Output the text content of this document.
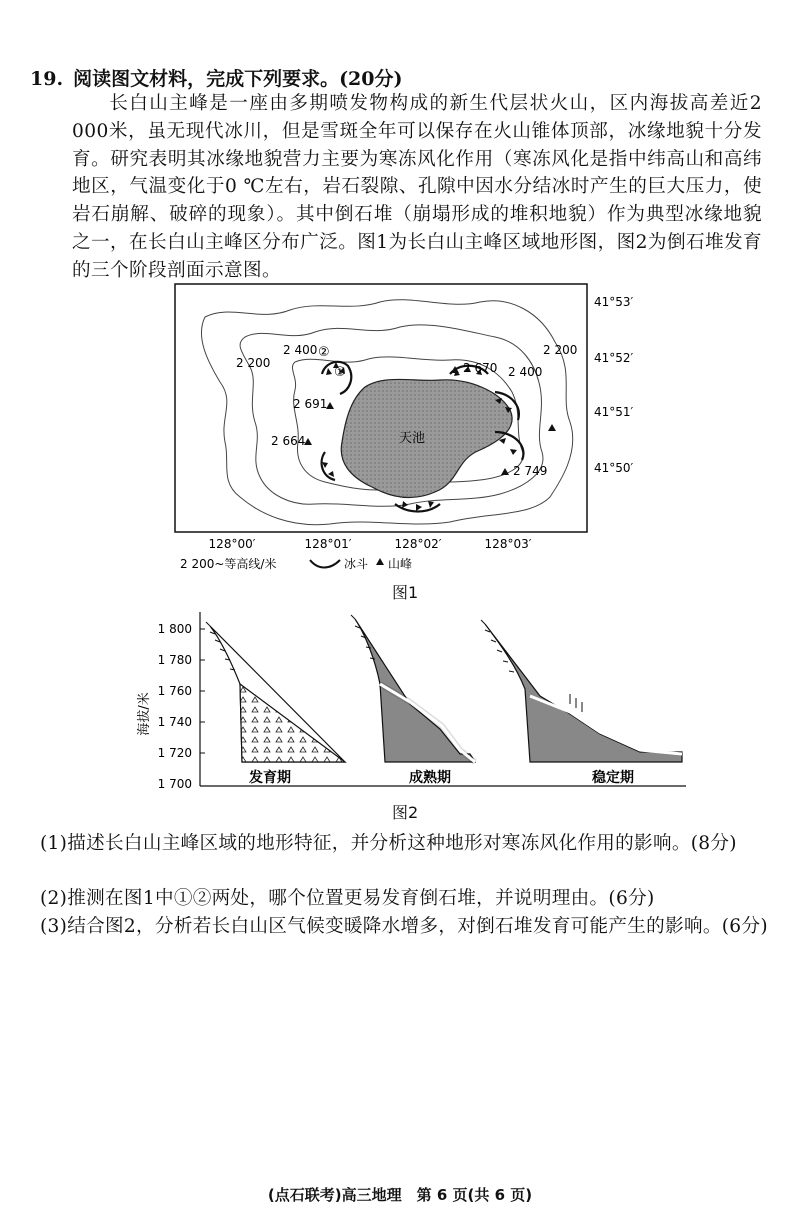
19. 阅读图文材料，完成下列要求。(20分)
长白山主峰是一座由多期喷发物构成的新生代层状火山，区内海拔高差近2 000米，虽无现代冰川，但是雪斑全年可以保存在火山锥体顶部，冰缘地貌十分发育。研究表明其冰缘地貌营力主要为寒冻风化作用（寒冻风化是指中纬高山和高纬地区，气温变化于0 ℃左右，岩石裂隙、孔隙中因水分结冰时产生的巨大压力，使岩石崩解、破碎的现象）。其中倒石堆（崩塌形成的堆积地貌）作为典型冰缘地貌之一，在长白山主峰区分布广泛。图1为长白山主峰区域地形图，图2为倒石堆发育的三个阶段剖面示意图。
天池
2 670
2 691
2 664
2 749
2 200
2 400	2 200
2 400
①
②
41°53′
41°52′
41°51′
41°50′
128°00′	128°01′	128°02′	128°03′
2 200~等高线/米	冰斗 山峰
图1
海拔/米
1 800
1 780
1 760
1 740
1 720
1 700	发育期	成熟期	稳定期
图2
(1)描述长白山主峰区域的地形特征，并分析这种地形对寒冻风化作用的影响。(8分)
(2)推测在图1中①②两处，哪个位置更易发育倒石堆，并说明理由。(6分)
(3)结合图2，分析若长白山区气候变暖降水增多，对倒石堆发育可能产生的影响。(6分)
(点石联考)高三地理　第 6 页(共 6 页)
